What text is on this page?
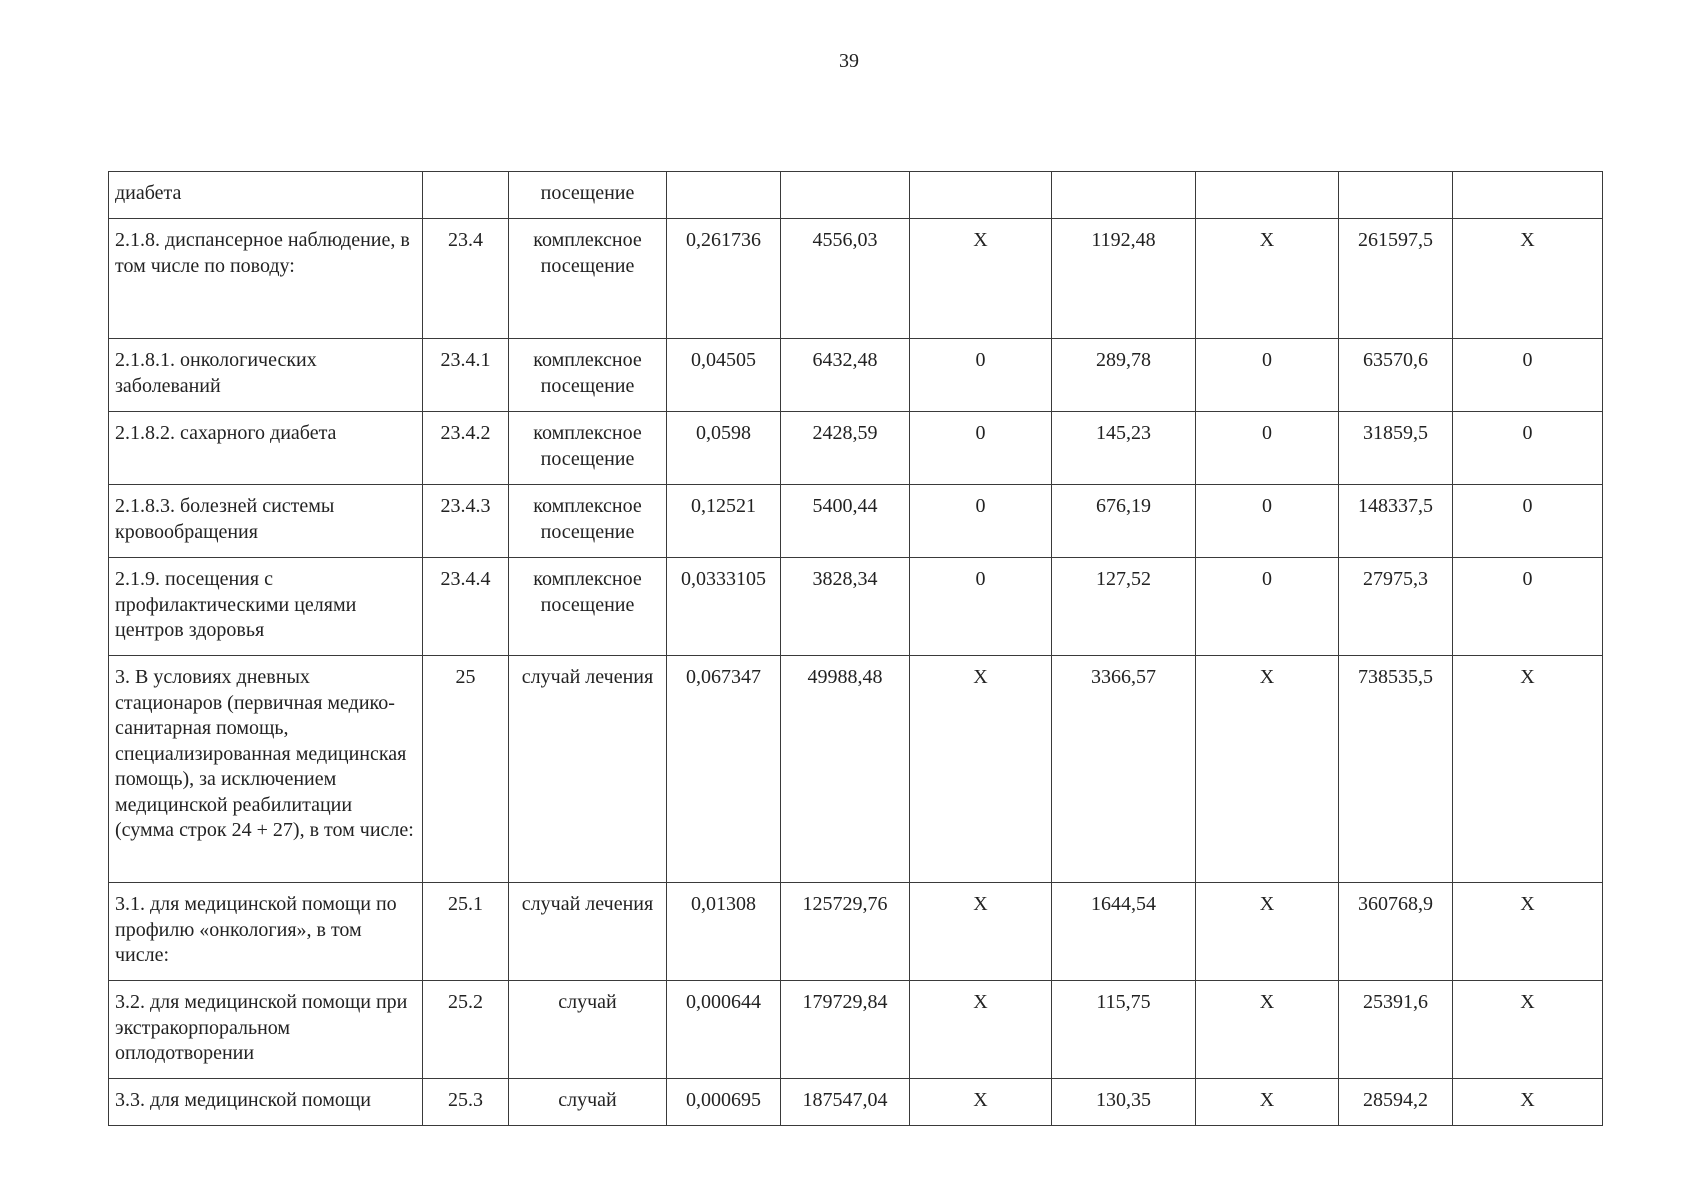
39
диабета		посещение							
2.1.8. диспансерное наблюдение, в том числе по поводу:	23.4	комплексное посещение	0,261736	4556,03	Х	1192,48	Х	261597,5	Х
2.1.8.1. онкологических заболеваний	23.4.1	комплексное посещение	0,04505	6432,48	0	289,78	0	63570,6	0
2.1.8.2. сахарного диабета	23.4.2	комплексное посещение	0,0598	2428,59	0	145,23	0	31859,5	0
2.1.8.3. болезней системы кровообращения	23.4.3	комплексное посещение	0,12521	5400,44	0	676,19	0	148337,5	0
2.1.9. посещения с профилактическими целями центров здоровья	23.4.4	комплексное посещение	0,0333105	3828,34	0	127,52	0	27975,3	0
3. В условиях дневных стационаров (первичная медико-санитарная помощь, специализированная медицинская помощь), за исключением медицинской реабилитации (сумма строк 24 + 27), в том числе:	25	случай лечения	0,067347	49988,48	Х	3366,57	Х	738535,5	Х
3.1. для медицинской помощи по профилю «онкология», в том числе:	25.1	случай лечения	0,01308	125729,76	Х	1644,54	Х	360768,9	Х
3.2. для медицинской помощи при экстракорпоральном оплодотворении	25.2	случай	0,000644	179729,84	Х	115,75	Х	25391,6	Х
3.3. для медицинской помощи	25.3	случай	0,000695	187547,04	Х	130,35	Х	28594,2	Х
